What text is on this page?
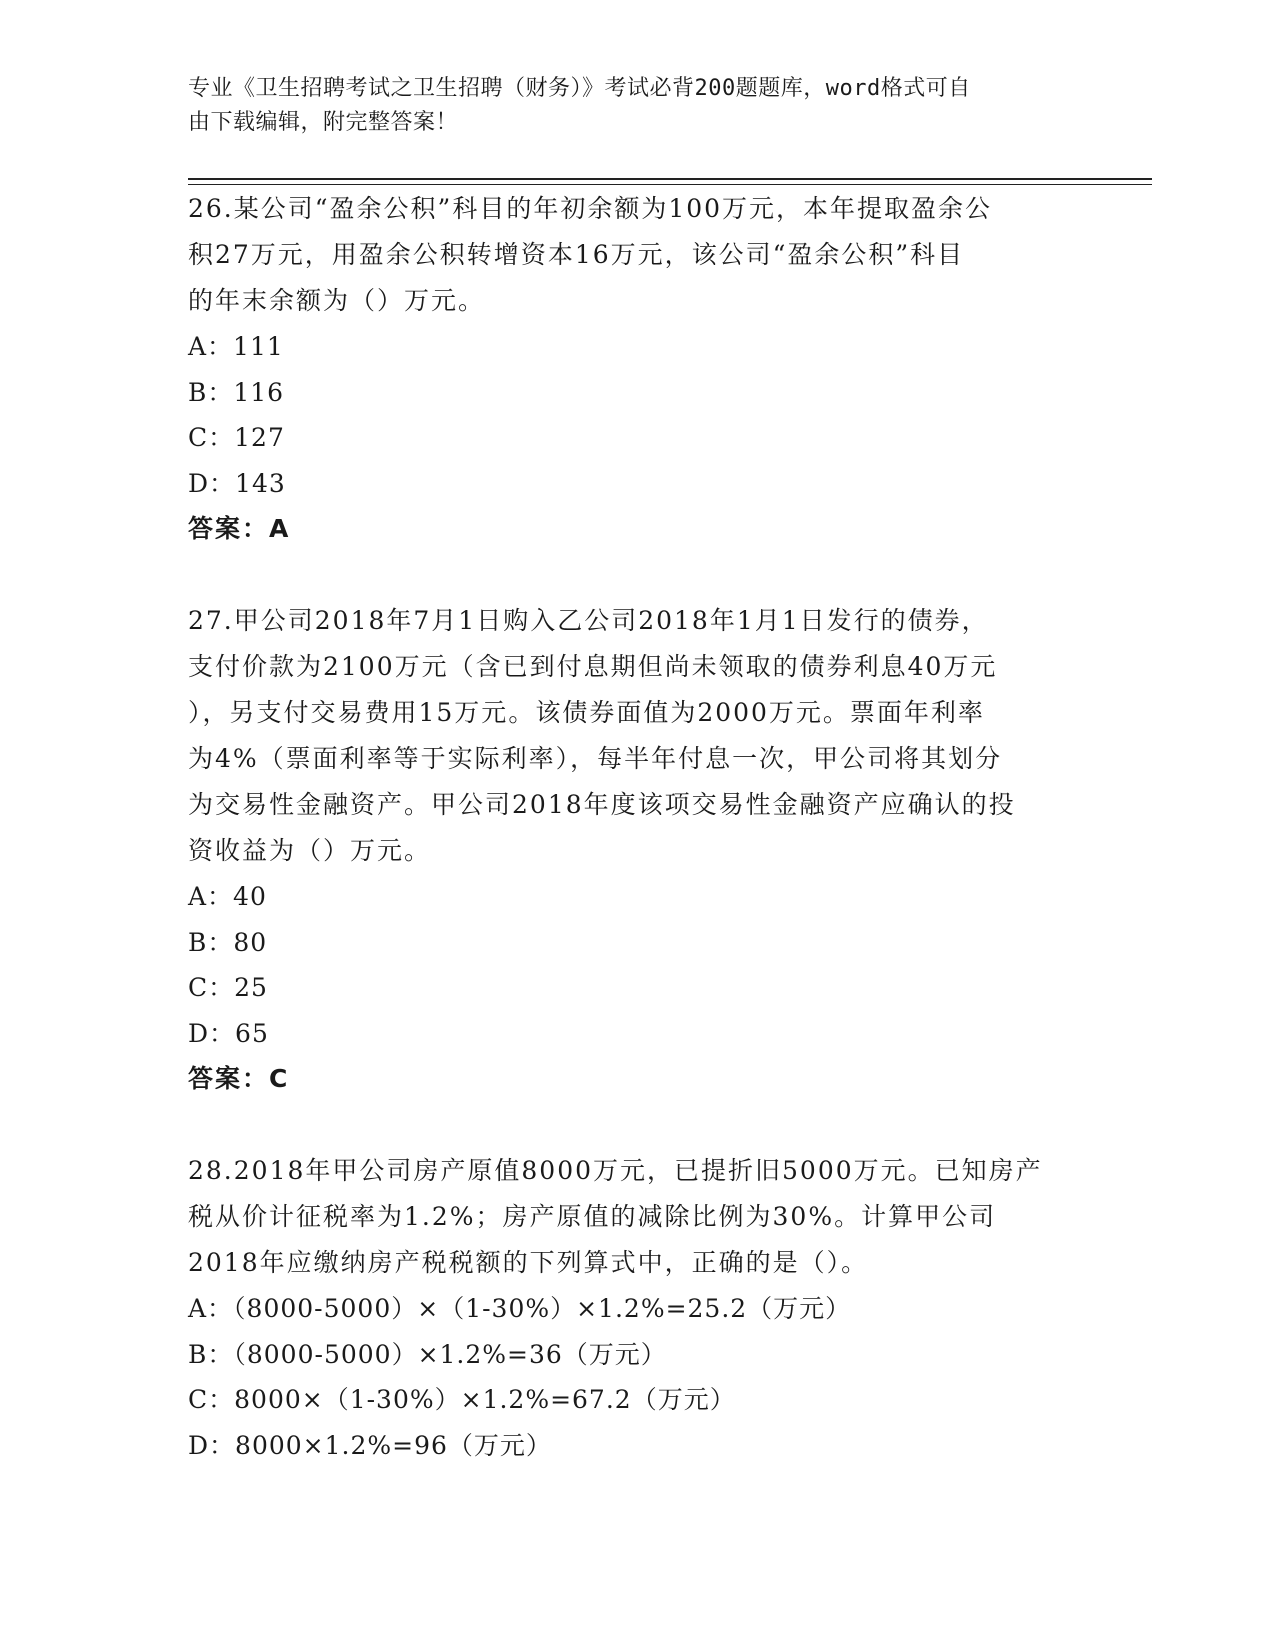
专业《卫生招聘考试之卫生招聘（财务）》考试必背200题题库，word格式可自
由下载编辑，附完整答案！

26.某公司“盈余公积”科目的年初余额为100万元，本年提取盈余公

积27万元，用盈余公积转增资本16万元，该公司“盈余公积”科目

的年末余额为（）万元。

A：111

B：116

C：127

D：143

答案：A

27.甲公司2018年7月1日购入乙公司2018年1月1日发行的债券，

支付价款为2100万元（含已到付息期但尚未领取的债券利息40万元

），另支付交易费用15万元。该债券面值为2000万元。票面年利率

为4%（票面利率等于实际利率），每半年付息一次，甲公司将其划分

为交易性金融资产。甲公司2018年度该项交易性金融资产应确认的投

资收益为（）万元。

A：40

B：80

C：25

D：65

答案：C

28.2018年甲公司房产原值8000万元，已提折旧5000万元。已知房产

税从价计征税率为1.2%；房产原值的减除比例为30%。计算甲公司

2018年应缴纳房产税税额的下列算式中，正确的是（）。

A：（8000-5000）×（1-30%）×1.2%=25.2（万元）

B：（8000-5000）×1.2%=36（万元）

C：8000×（1-30%）×1.2%=67.2（万元）

D：8000×1.2%=96（万元）
